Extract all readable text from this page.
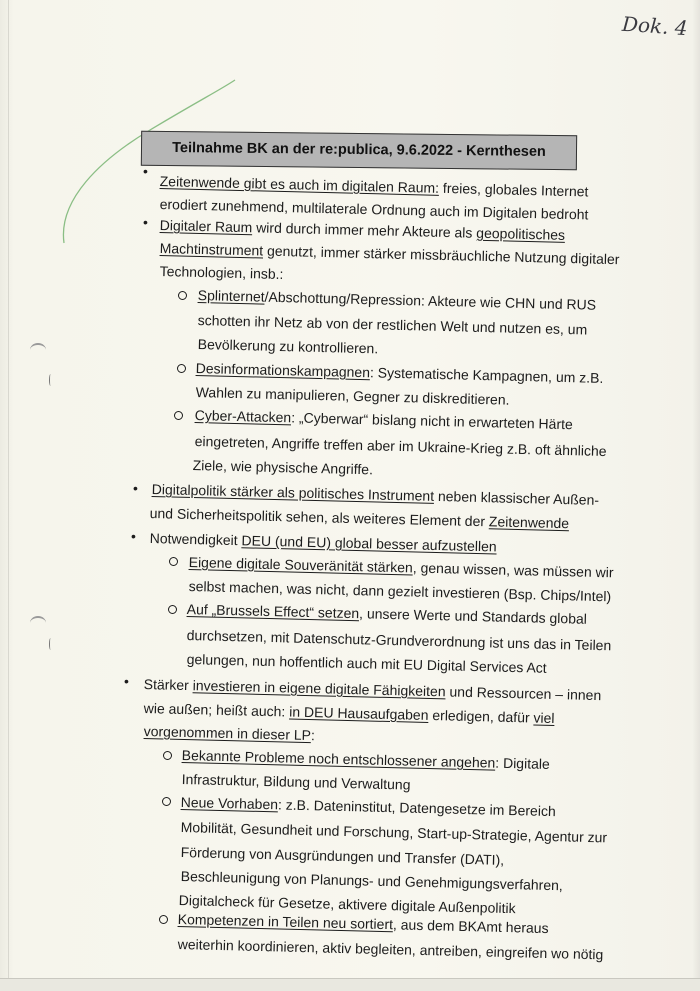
Dok. 4
Teilnahme BK an der re:publica, 9.6.2022 - Kernthesen
•
Zeitenwende gibt es auch im digitalen Raum: freies, globales Internet
erodiert zunehmend, multilaterale Ordnung auch im Digitalen bedroht
• Digitaler Raum wird durch immer mehr Akteure als geopolitisches
Machtinstrument genutzt, immer stärker missbräuchliche Nutzung digitaler
Technologien, insb.:
Splinternet/Abschottung/Repression: Akteure wie CHN und RUS
schotten ihr Netz ab von der restlichen Welt und nutzen es, um
Bevölkerung zu kontrollieren.
Desinformationskampagnen: Systematische Kampagnen, um z.B.
Wahlen zu manipulieren, Gegner zu diskreditieren.
Cyber-Attacken: „Cyberwar“ bislang nicht in erwarteten Härte
eingetreten, Angriffe treffen aber im Ukraine-Krieg z.B. oft ähnliche
Ziele, wie physische Angriffe.
• Digitalpolitik stärker als politisches Instrument neben klassischer Außen-
und Sicherheitspolitik sehen, als weiteres Element der Zeitenwende
• Notwendigkeit DEU (und EU) global besser aufzustellen
Eigene digitale Souveränität stärken, genau wissen, was müssen wir
selbst machen, was nicht, dann gezielt investieren (Bsp. Chips/Intel)
Auf „Brussels Effect“ setzen, unsere Werte und Standards global
durchsetzen, mit Datenschutz-Grundverordnung ist uns das in Teilen
gelungen, nun hoffentlich auch mit EU Digital Services Act
• Stärker investieren in eigene digitale Fähigkeiten und Ressourcen – innen
wie außen; heißt auch: in DEU Hausaufgaben erledigen, dafür viel
vorgenommen in dieser LP:
Bekannte Probleme noch entschlossener angehen: Digitale
Infrastruktur, Bildung und Verwaltung
Neue Vorhaben: z.B. Dateninstitut, Datengesetze im Bereich
Mobilität, Gesundheit und Forschung, Start-up-Strategie, Agentur zur
Förderung von Ausgründungen und Transfer (DATI),
Beschleunigung von Planungs- und Genehmigungsverfahren,
Digitalcheck für Gesetze, aktivere digitale Außenpolitik
Kompetenzen in Teilen neu sortiert, aus dem BKAmt heraus
weiterhin koordinieren, aktiv begleiten, antreiben, eingreifen wo nötig
